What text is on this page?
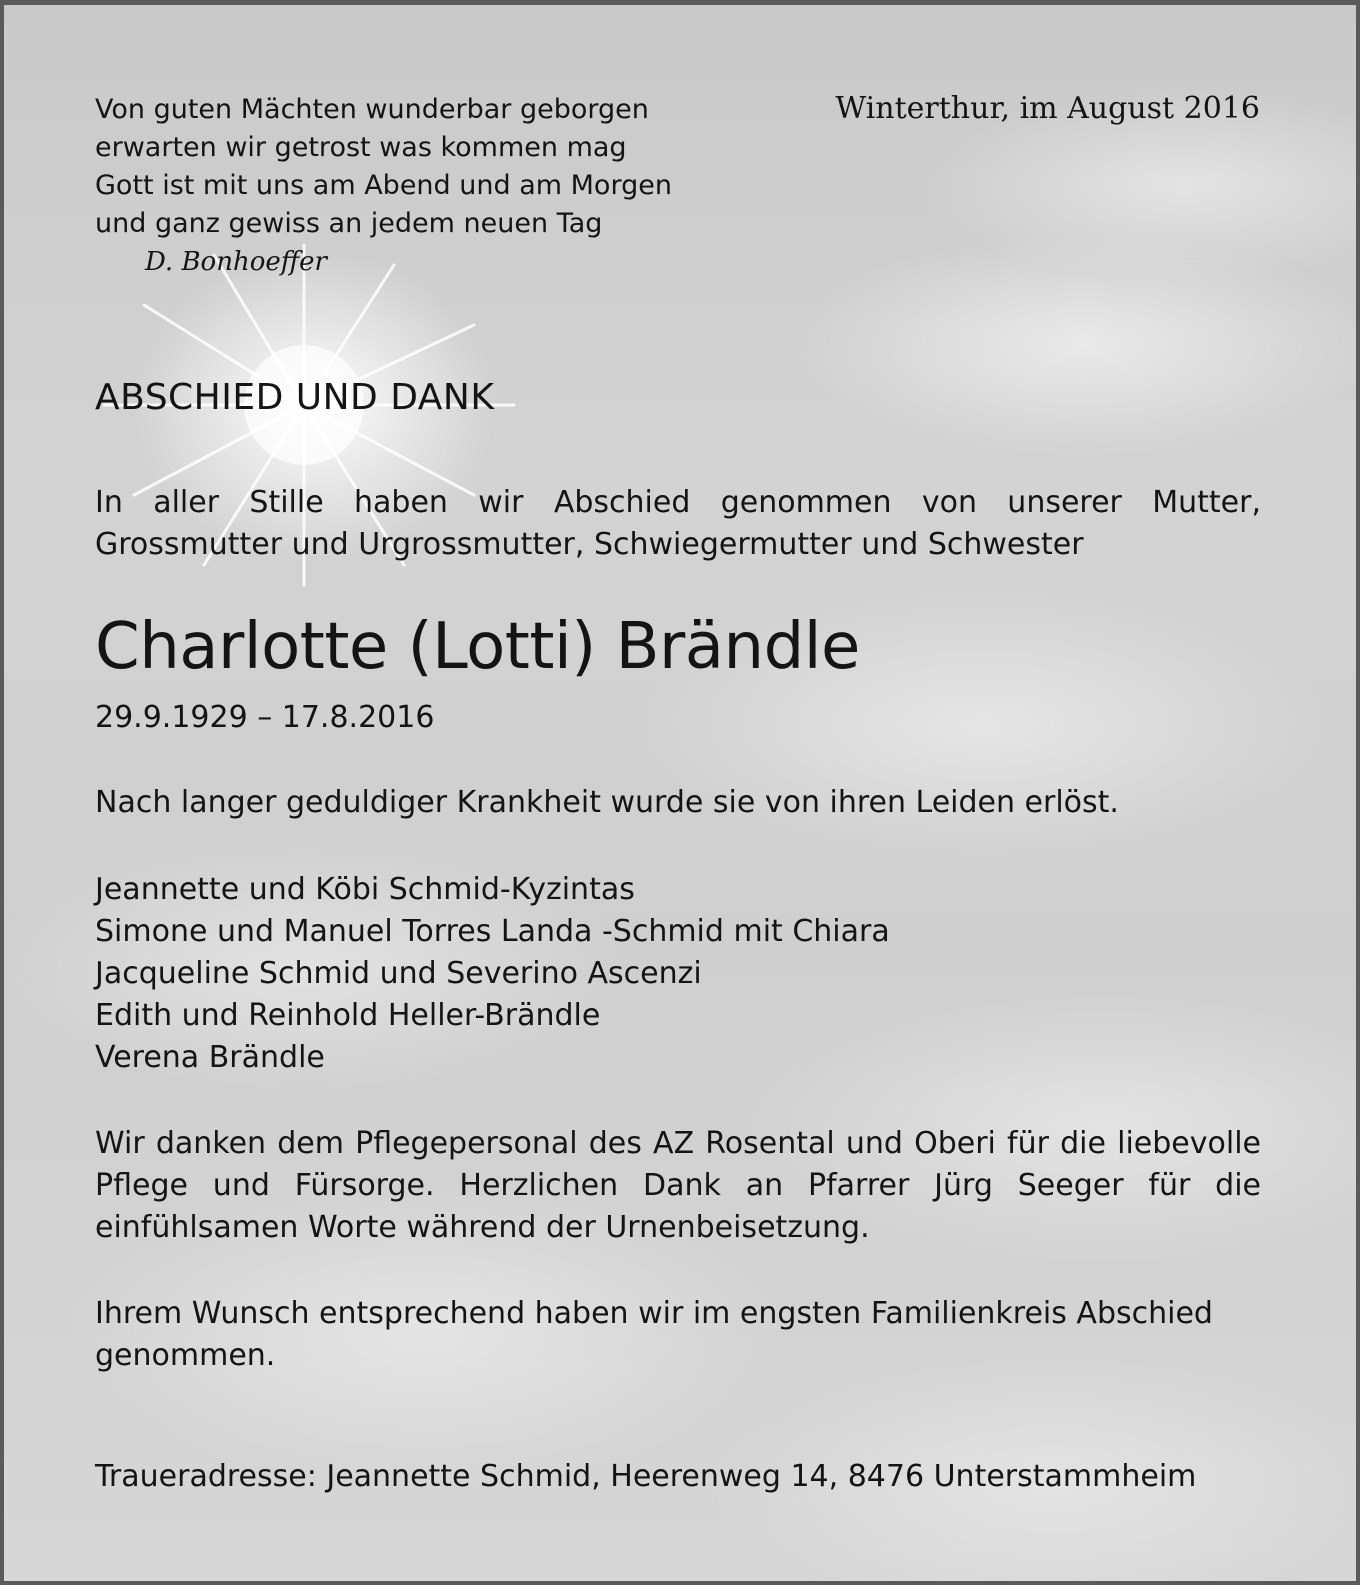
Von guten Mächten wunderbar geborgen
erwarten wir getrost was kommen mag
Gott ist mit uns am Abend und am Morgen
und ganz gewiss an jedem neuen Tag
D. Bonhoeffer
Winterthur, im August 2016
ABSCHIED UND DANK
In aller Stille haben wir Abschied genommen von unserer Mutter, Grossmutter und Urgrossmutter, Schwiegermutter und Schwester
Charlotte (Lotti) Brändle
29.9.1929 – 17.8.2016
Nach langer geduldiger Krankheit wurde sie von ihren Leiden erlöst.
Jeannette und Köbi Schmid-Kyzintas
Simone und Manuel Torres Landa -Schmid mit Chiara
Jacqueline Schmid und Severino Ascenzi
Edith und Reinhold Heller-Brändle
Verena Brändle
Wir danken dem Pflegepersonal des AZ Rosental und Oberi für die liebevolle Pflege und Fürsorge. Herzlichen Dank an Pfarrer Jürg Seeger für die einfühlsamen Worte während der Urnenbeisetzung.
Ihrem Wunsch entsprechend haben wir im engsten Familienkreis Abschied genommen.
Traueradresse: Jeannette Schmid, Heerenweg 14, 8476 Unterstammheim
